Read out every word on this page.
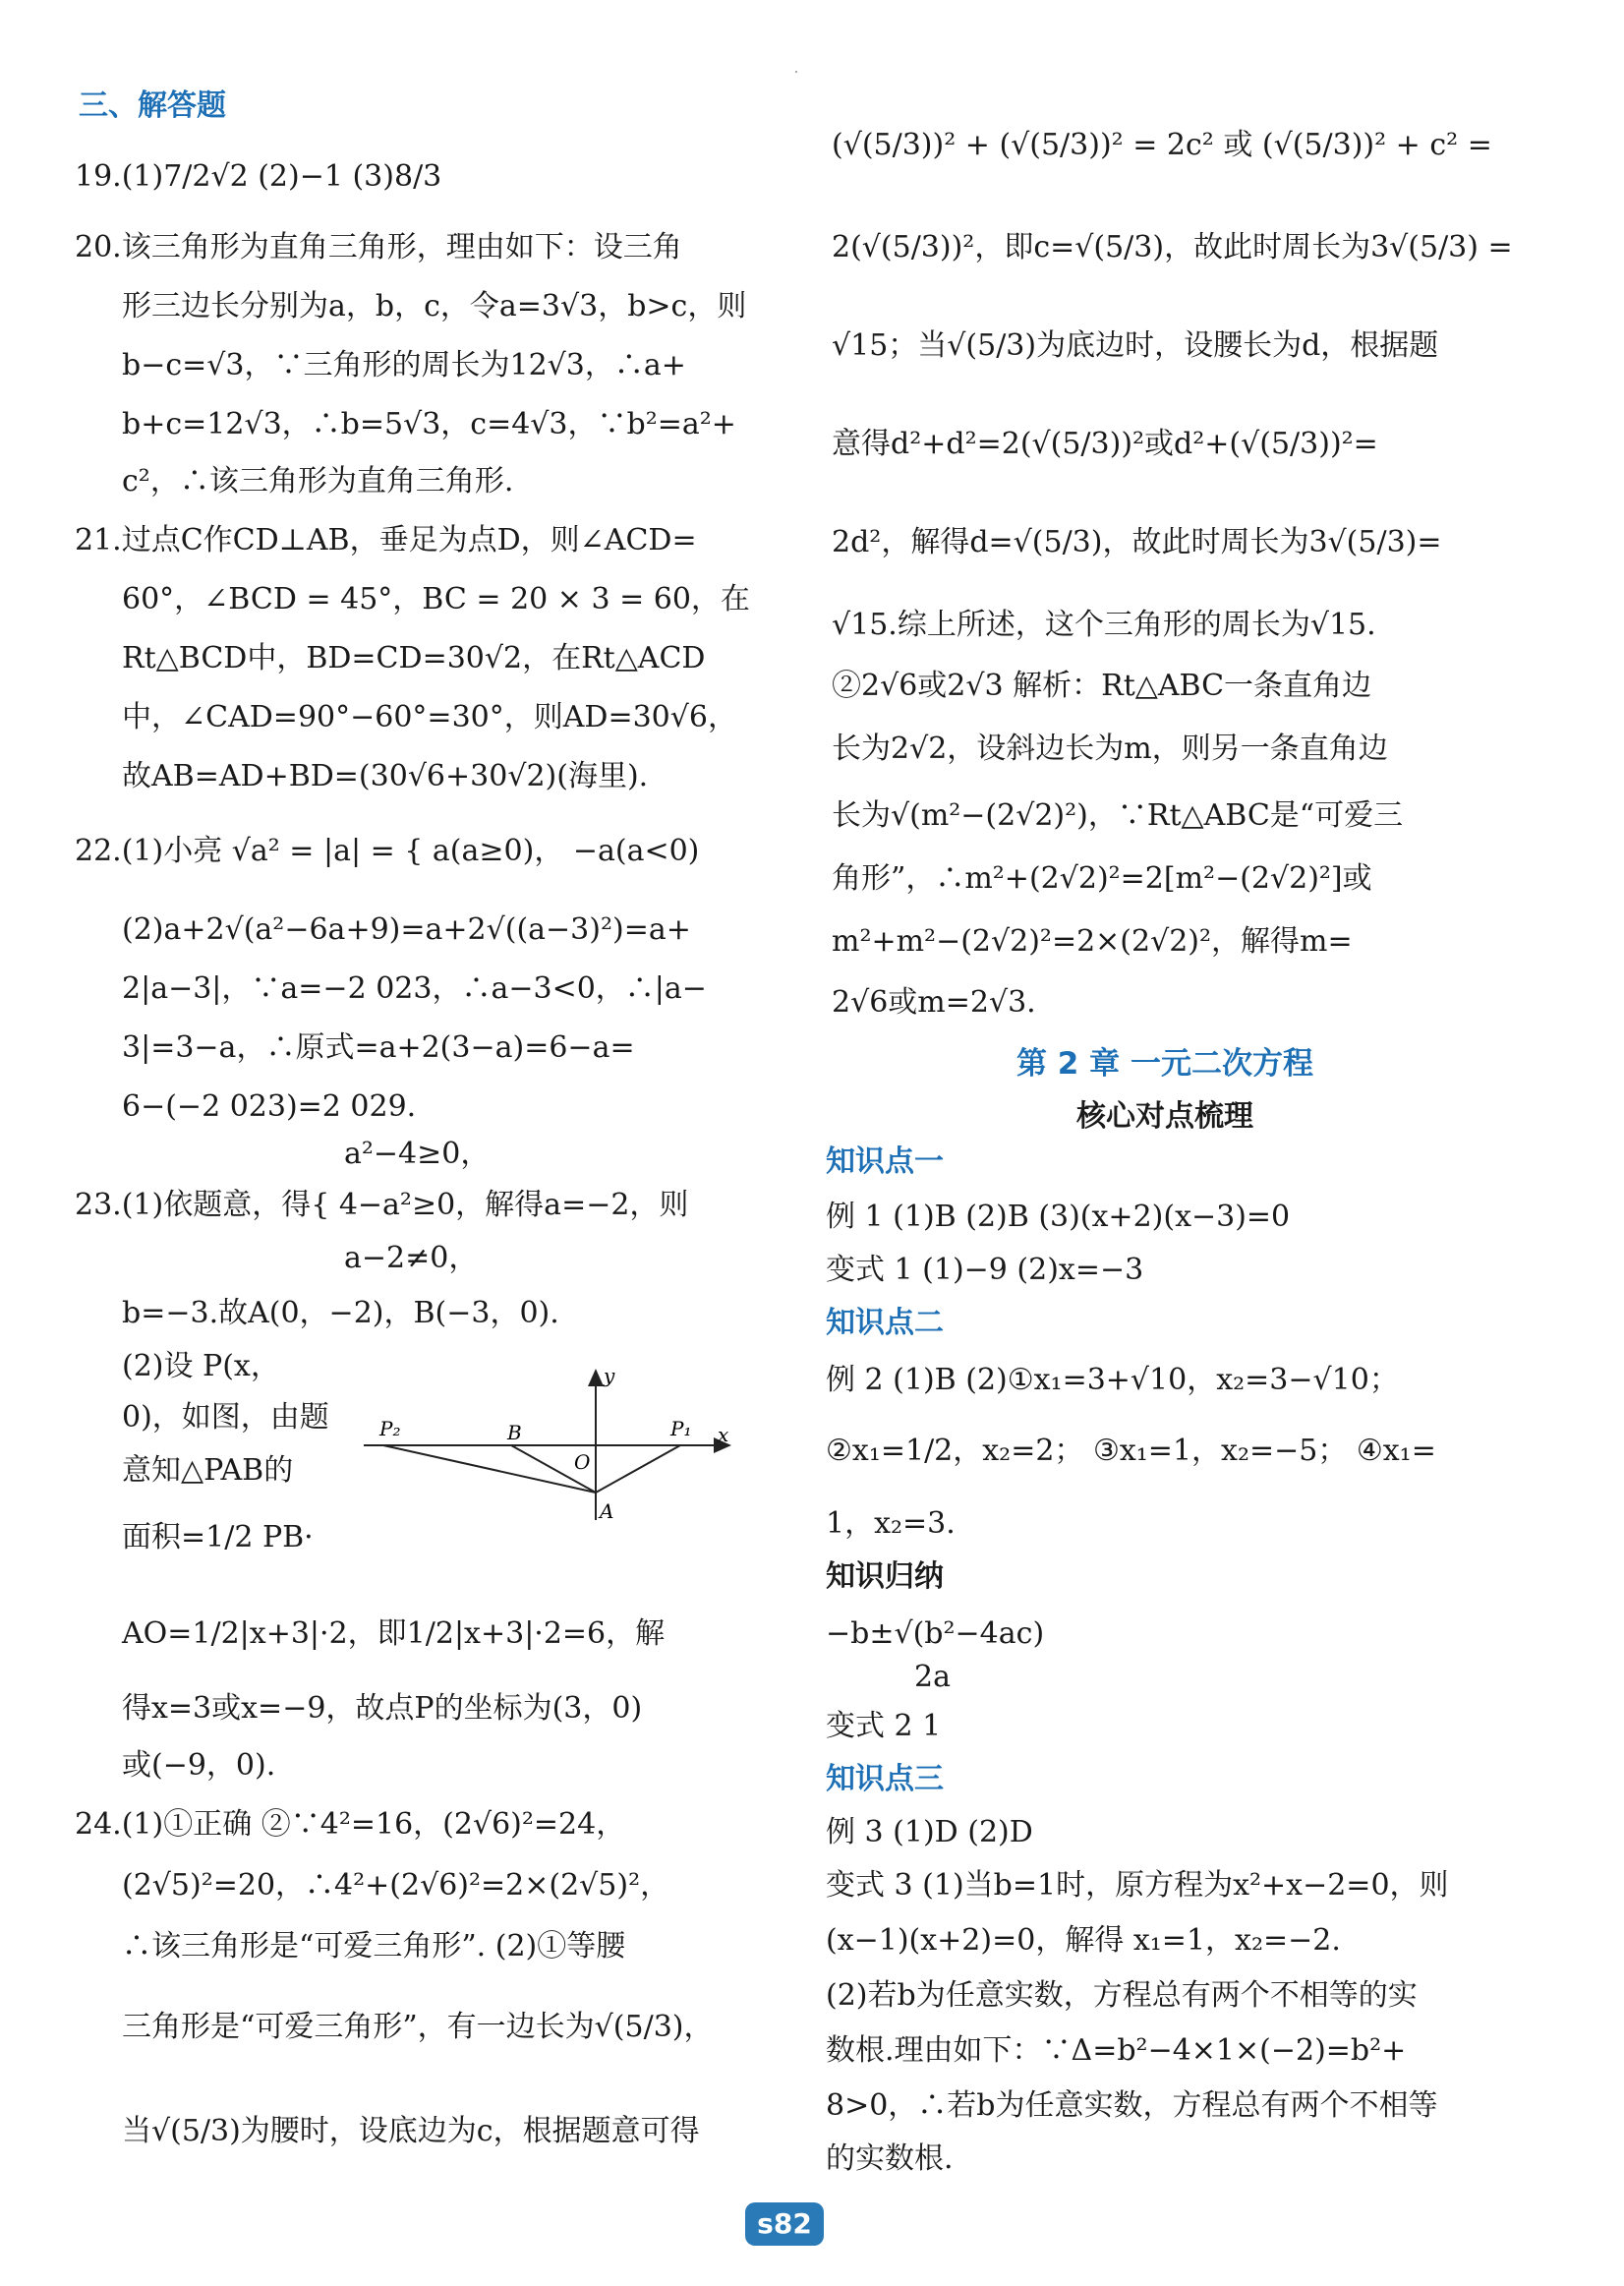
三、解答题
19.(1)7/2√2 (2)−1 (3)8/3
20.该三角形为直角三角形，理由如下：设三角
形三边长分别为a，b，c，令a=3√3，b>c，则
b−c=√3，∵三角形的周长为12√3，∴a+
b+c=12√3，∴b=5√3，c=4√3，∵b²=a²+
c²，∴该三角形为直角三角形.
21.过点C作CD⊥AB，垂足为点D，则∠ACD=
60°，∠BCD = 45°，BC = 20 × 3 = 60，在
Rt△BCD中，BD=CD=30√2，在Rt△ACD
中，∠CAD=90°−60°=30°，则AD=30√6，
故AB=AD+BD=(30√6+30√2)(海里).
22.(1)小亮 √a² = |a| = { a(a≥0)， −a(a<0)
(2)a+2√(a²−6a+9)=a+2√((a−3)²)=a+
2|a−3|，∵a=−2 023，∴a−3<0，∴|a−
3|=3−a，∴原式=a+2(3−a)=6−a=
6−(−2 023)=2 029.
a²−4≥0，
23.(1)依题意，得{ 4−a²≥0，解得a=−2，则
a−2≠0，
b=−3.故A(0，−2)，B(−3，0).
(2)设 P(x，
0)，如图，由题
意知△PAB的
面积=1/2 PB·
AO=1/2|x+3|·2，即1/2|x+3|·2=6，解
得x=3或x=−9，故点P的坐标为(3，0)
或(−9，0).
24.(1)①正确 ②∵4²=16，(2√6)²=24，
(2√5)²=20，∴4²+(2√6)²=2×(2√5)²，
∴该三角形是“可爱三角形”. (2)①等腰
三角形是“可爱三角形”，有一边长为√(5/3)，
当√(5/3)为腰时，设底边为c，根据题意可得
P₂	B
O
P₁
A
x
y
第 2 章 一元二次方程
核心对点梳理
(√(5/3))² + (√(5/3))² = 2c² 或 (√(5/3))² + c² =
2(√(5/3))²，即c=√(5/3)，故此时周长为3√(5/3) =
√15；当√(5/3)为底边时，设腰长为d，根据题
意得d²+d²=2(√(5/3))²或d²+(√(5/3))²=
2d²，解得d=√(5/3)，故此时周长为3√(5/3)=
√15.综上所述，这个三角形的周长为√15.
②2√6或2√3 解析：Rt△ABC一条直角边
长为2√2，设斜边长为m，则另一条直角边
长为√(m²−(2√2)²)，∵Rt△ABC是“可爱三
角形”，∴m²+(2√2)²=2[m²−(2√2)²]或
m²+m²−(2√2)²=2×(2√2)²，解得m=
2√6或m=2√3.
知识点一
例 1 (1)B (2)B (3)(x+2)(x−3)=0
变式 1 (1)−9 (2)x=−3
知识点二
例 2 (1)B (2)①x₁=3+√10，x₂=3−√10；
②x₁=1/2，x₂=2； ③x₁=1，x₂=−5； ④x₁=
1，x₂=3.
知识归纳
−b±√(b²−4ac)
2a
变式 2 1
知识点三
例 3 (1)D (2)D
变式 3 (1)当b=1时，原方程为x²+x−2=0，则
(x−1)(x+2)=0，解得 x₁=1，x₂=−2.
(2)若b为任意实数，方程总有两个不相等的实
数根.理由如下：∵Δ=b²−4×1×(−2)=b²+
8>0，∴若b为任意实数，方程总有两个不相等
的实数根.
s82
